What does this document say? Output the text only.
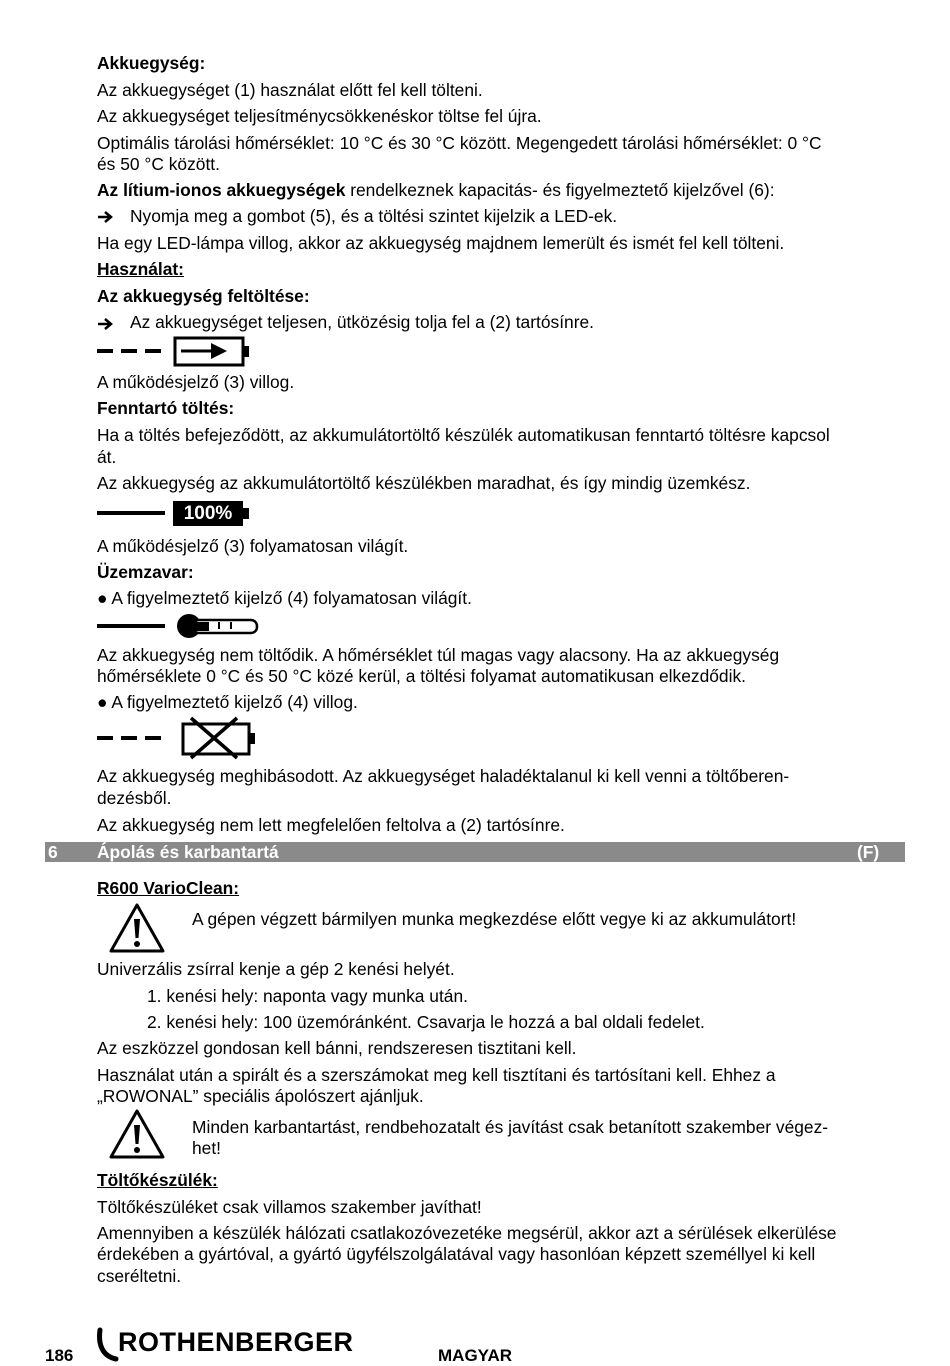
Akkuegység:
Az akkuegységet (1) használat előtt fel kell tölteni.
Az akkuegységet teljesítménycsökkenéskor töltse fel újra.
Optimális tárolási hőmérséklet: 10 °C és 30 °C között. Megengedett tárolási hőmérséklet: 0 °C
és 50 °C között.
Az lítium-ionos akkuegységek rendelkeznek kapacitás- és figyelmeztető kijelzővel (6):
Nyomja meg a gombot (5), és a töltési szintet kijelzik a LED-ek.
Ha egy LED-lámpa villog, akkor az akkuegység majdnem lemerült és ismét fel kell tölteni.
Használat:
Az akkuegység feltöltése:
Az akkuegységet teljesen, ütközésig tolja fel a (2) tartósínre.
A működésjelző (3) villog.
Fenntartó töltés:
Ha a töltés befejeződött, az akkumulátortöltő készülék automatikusan fenntartó töltésre kapcsol
át.
Az akkuegység az akkumulátortöltő készülékben maradhat, és így mindig üzemkész.
100%
A működésjelző (3) folyamatosan világít.
Üzemzavar:
● A figyelmeztető kijelző (4) folyamatosan világít.
Az akkuegység nem töltődik. A hőmérséklet túl magas vagy alacsony. Ha az akkuegység
hőmérséklete 0 °C és 50 °C közé kerül, a töltési folyamat automatikusan elkezdődik.
● A figyelmeztető kijelző (4) villog.
Az akkuegység meghibásodott. Az akkuegységet haladéktalanul ki kell venni a töltőberen-
dezésből.
Az akkuegység nem lett megfelelően feltolva a (2) tartósínre.
6 Ápolás és karbantartá	(F)
R600 VarioClean:
A gépen végzett bármilyen munka megkezdése előtt vegye ki az akkumulátort!
Univerzális zsírral kenje a gép 2 kenési helyét.
1. kenési hely: naponta vagy munka után.
2. kenési hely: 100 üzemóránként. Csavarja le hozzá a bal oldali fedelet.
Az eszközzel gondosan kell bánni, rendszeresen tisztitani kell.
Használat után a spirált és a szerszámokat meg kell tisztítani és tartósítani kell. Ehhez a
„ROWONAL” speciális ápolószert ajánljuk.
Minden karbantartást, rendbehozatalt és javítást csak betanított szakember végez-
het!
Töltőkészülék:
Töltőkészüléket csak villamos szakember javíthat!
Amennyiben a készülék hálózati csatlakozóvezetéke megsérül, akkor azt a sérülések elkerülése
érdekében a gyártóval, a gyártó ügyfélszolgálatával vagy hasonlóan képzett személlyel ki kell
cseréltetni.
186 ROTHENBERGER	MAGYAR
